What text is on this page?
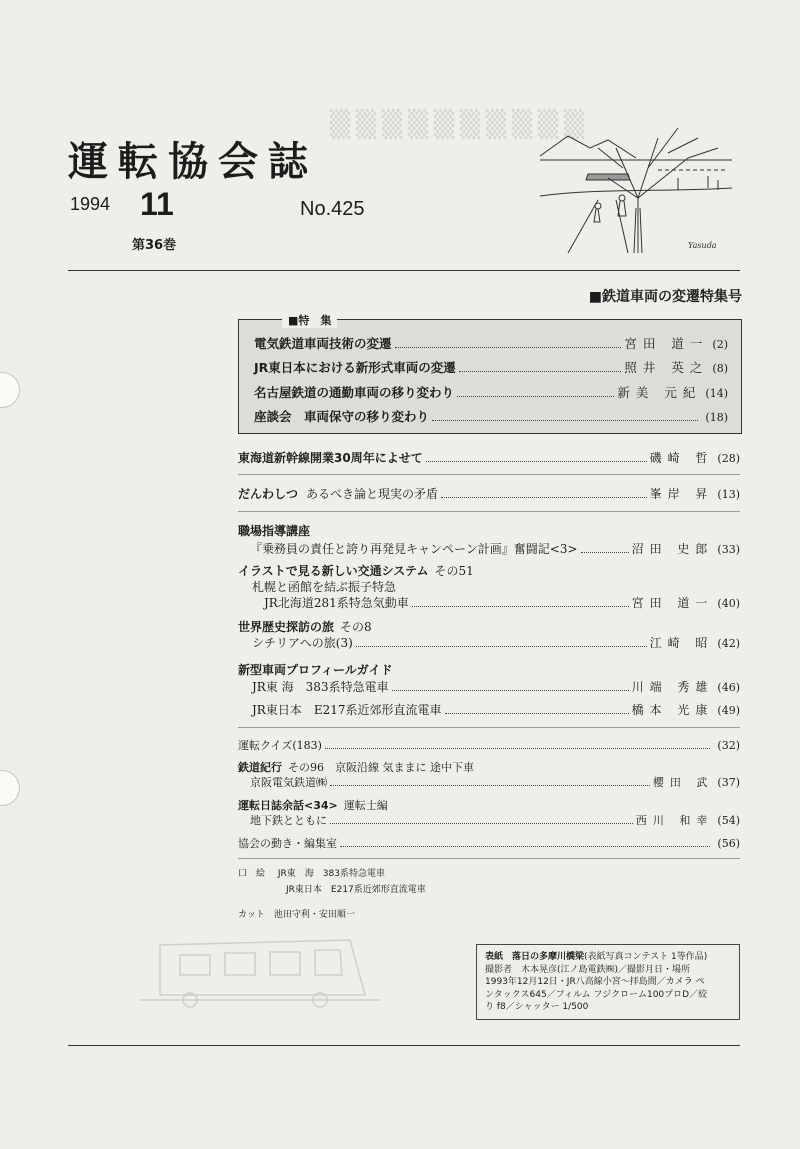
▒▒▒▒▒▒▒▒▒▒
運転協会誌
1994 11	No.425
第36巻	Yasuda
■鉄道車両の変遷特集号
■特　集
電気鉄道車両技術の変遷	宮田 道一 (2)
JR東日本における新形式車両の変遷	照井 英之 (8)
名古屋鉄道の通勤車両の移り変わり	新美 元紀 (14)
座談会　車両保守の移り変わり	(18)
東海道新幹線開業30周年によせて	磯崎 哲 (28)
だんわしつ あるべき論と現実の矛盾	峯岸 昇 (13)
職場指導講座
『乗務員の責任と誇り再発見キャンペーン計画』奮闘記<3>	沼田 史郎 (33)
イラストで見る新しい交通システム その51
札幌と函館を結ぶ振子特急
JR北海道281系特急気動車	宮田 道一 (40)
世界歴史探訪の旅 その8
シチリアへの旅(3)	江崎 昭 (42)
新型車両プロフィールガイド
JR東 海　383系特急電車	川端 秀雄 (46)
JR東日本　E217系近郊形直流電車	橋本 光康 (49)
運転クイズ(183)	(32)
鉄道紀行 その96　京阪沿線 気ままに 途中下車
京阪電気鉄道㈱	櫻田 武 (37)
運転日誌余話<34> 運転士編
地下鉄とともに	西川 和幸 (54)
協会の動き・編集室	(56)
口　絵 JR東　海　383系特急電車
JR東日本　E217系近郊形直流電車
カット　池田守利・安田順一
表紙　落日の多摩川橋梁(表紙写真コンテスト 1等作品)
撮影者　木本晃彦(江ノ島電鉄㈱)／撮影月日・場所
1993年12月12日・JR八高線小宮～拝島間／カメラ ペ
ンタックス645／フィルム フジクローム100プロD／絞
り f8／シャッター 1/500
